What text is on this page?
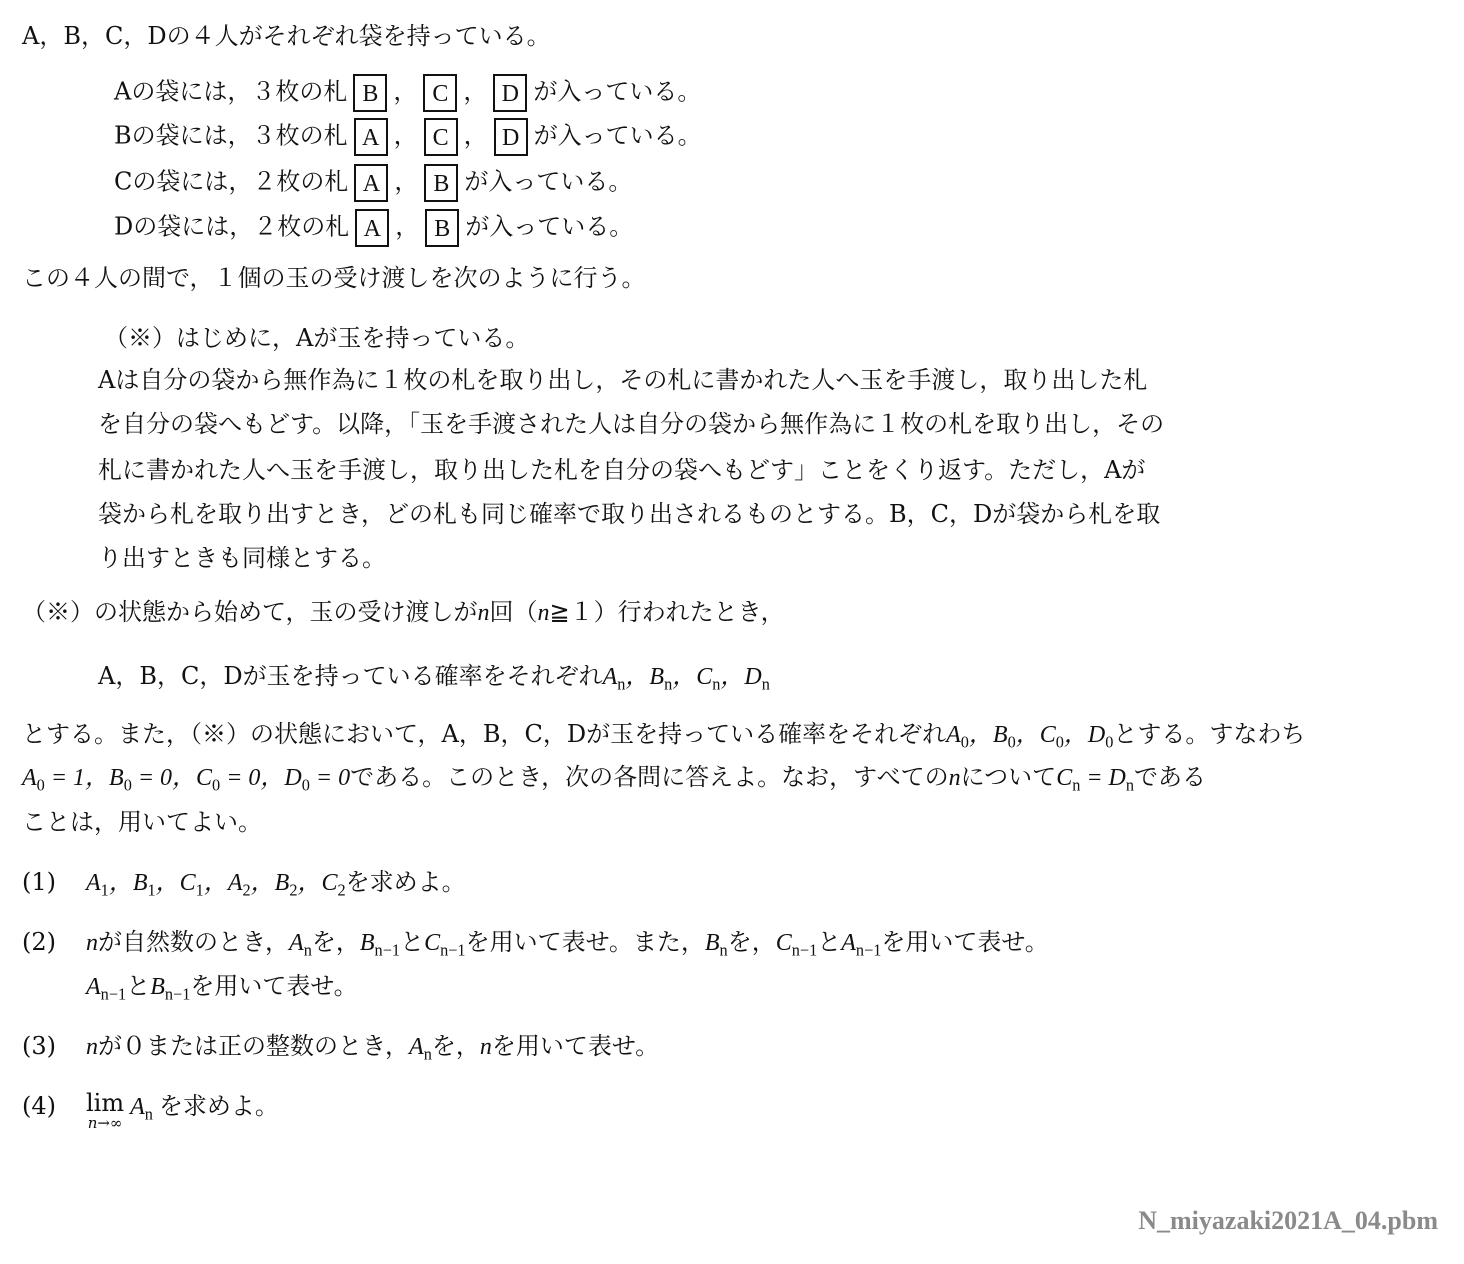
A，B，C，Dの４人がそれぞれ袋を持っている。
Aの袋には，３枚の札 B ， C ， D が入っている。
Bの袋には，３枚の札 A ， C ， D が入っている。
Cの袋には，２枚の札 A ， B が入っている。
Dの袋には，２枚の札 A ， B が入っている。
この４人の間で，１個の玉の受け渡しを次のように行う。
（※）はじめに，Aが玉を持っている。
Aは自分の袋から無作為に１枚の札を取り出し，その札に書かれた人へ玉を手渡し，取り出した札
を自分の袋へもどす。以降，「玉を手渡された人は自分の袋から無作為に１枚の札を取り出し，その
札に書かれた人へ玉を手渡し，取り出した札を自分の袋へもどす」ことをくり返す。ただし，Aが
袋から札を取り出すとき，どの札も同じ確率で取り出されるものとする。B，C，Dが袋から札を取
り出すときも同様とする。
（※）の状態から始めて，玉の受け渡しがn回（n≧１）行われたとき，
A，B，C，Dが玉を持っている確率をそれぞれ$A_n$，$B_n$，$C_n$，$D_n$
とする。また，（※）の状態において，A，B，C，Dが玉を持っている確率をそれぞれ$A_0$，$B_0$，$C_0$，$D_0$とする。すなわち
$A_0 = 1$，$B_0 = 0$，$C_0 = 0$，$D_0 = 0$である。このとき，次の各問に答えよ。なお，すべてのnについて$C_n = D_n$である
ことは，用いてよい。
(1) $A_1$，$B_1$，$C_1$，$A_2$，$B_2$，$C_2$を求めよ。
(2) nが自然数のとき，$A_n$を，$B_{n-1}$と$C_{n-1}$を用いて表せ。また，$B_n$を，$C_{n-1}$と$A_{n-1}$を用いて表せ。
$A_{n-1}$と$B_{n-1}$を用いて表せ。
(3) nが０または正の整数のとき，$A_n$を，nを用いて表せ。
(4) lim
n→∞
$A_n$ を求めよ。
N_miyazaki2021A_04.pbm
